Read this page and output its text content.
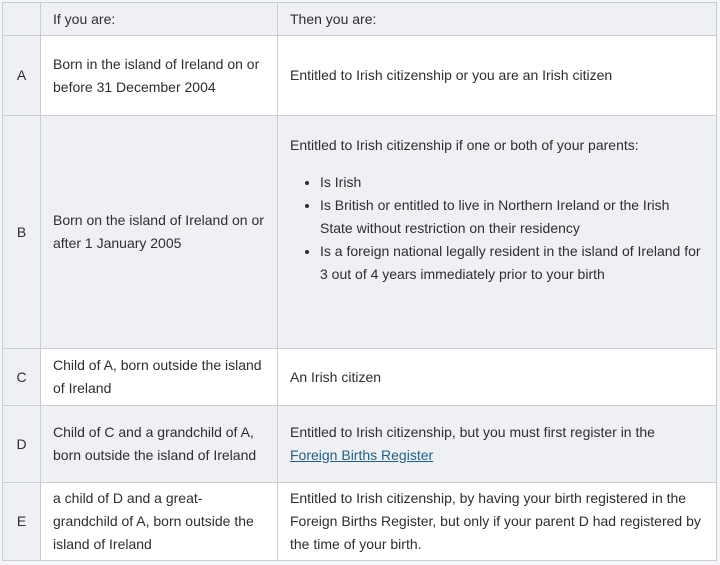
If you are:	Then you are:
A
Born in the island of Ireland on or before 31 December 2004
Entitled to Irish citizenship or you are an Irish citizen
B
Born on the island of Ireland on or after 1 January 2005

Entitled to Irish citizenship if one or both of your parents:

• Is Irish
• Is British or entitled to live in Northern Ireland or the Irish State without restriction on their residency
• Is a foreign national legally resident in the island of Ireland for 3 out of 4 years immediately prior to your birth
C
Child of A, born outside the island of Ireland
An Irish citizen
D
Child of C and a grandchild of A, born outside the island of Ireland
Entitled to Irish citizenship, but you must first register in the
Foreign Births Register
E
a child of D and a great-grandchild of A, born outside the island of Ireland
Entitled to Irish citizenship, by having your birth registered in the Foreign Births Register, but only if your parent D had registered by the time of your birth.
